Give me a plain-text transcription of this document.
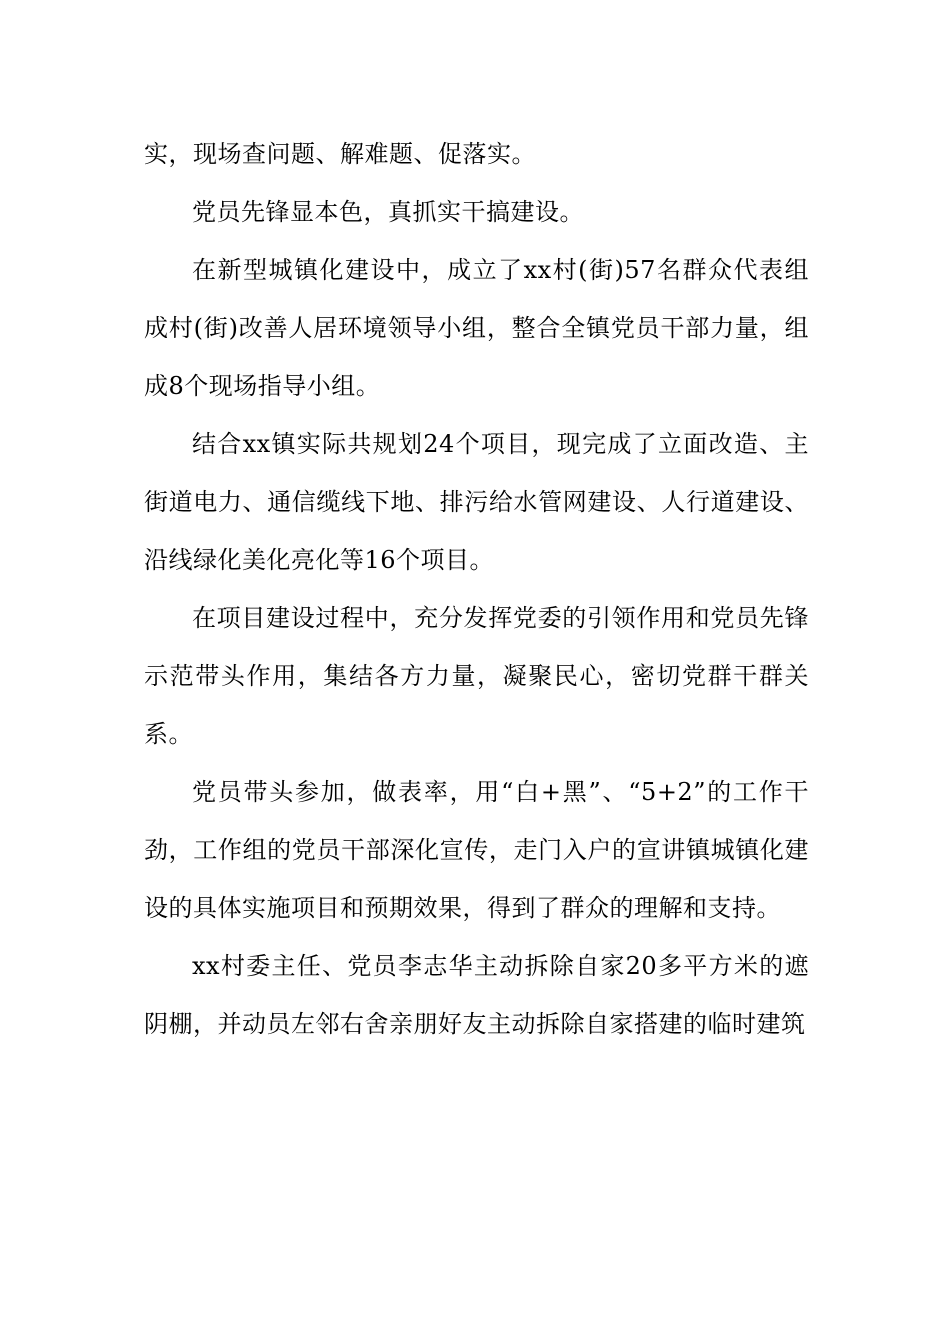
实，现场查问题、解难题、促落实。

党员先锋显本色，真抓实干搞建设。

在新型城镇化建设中，成立了xx村(街)57名群众代表组成村(街)改善人居环境领导小组，整合全镇党员干部力量，组成8个现场指导小组。

结合xx镇实际共规划24个项目，现完成了立面改造、主街道电力、通信缆线下地、排污给水管网建设、人行道建设、沿线绿化美化亮化等16个项目。

在项目建设过程中，充分发挥党委的引领作用和党员先锋示范带头作用，集结各方力量，凝聚民心，密切党群干群关系。

党员带头参加，做表率，用“白+黑”、“5+2”的工作干劲，工作组的党员干部深化宣传，走门入户的宣讲镇城镇化建设的具体实施项目和预期效果，得到了群众的理解和支持。

xx村委主任、党员李志华主动拆除自家20多平方米的遮阴棚，并动员左邻右舍亲朋好友主动拆除自家搭建的临时建筑
